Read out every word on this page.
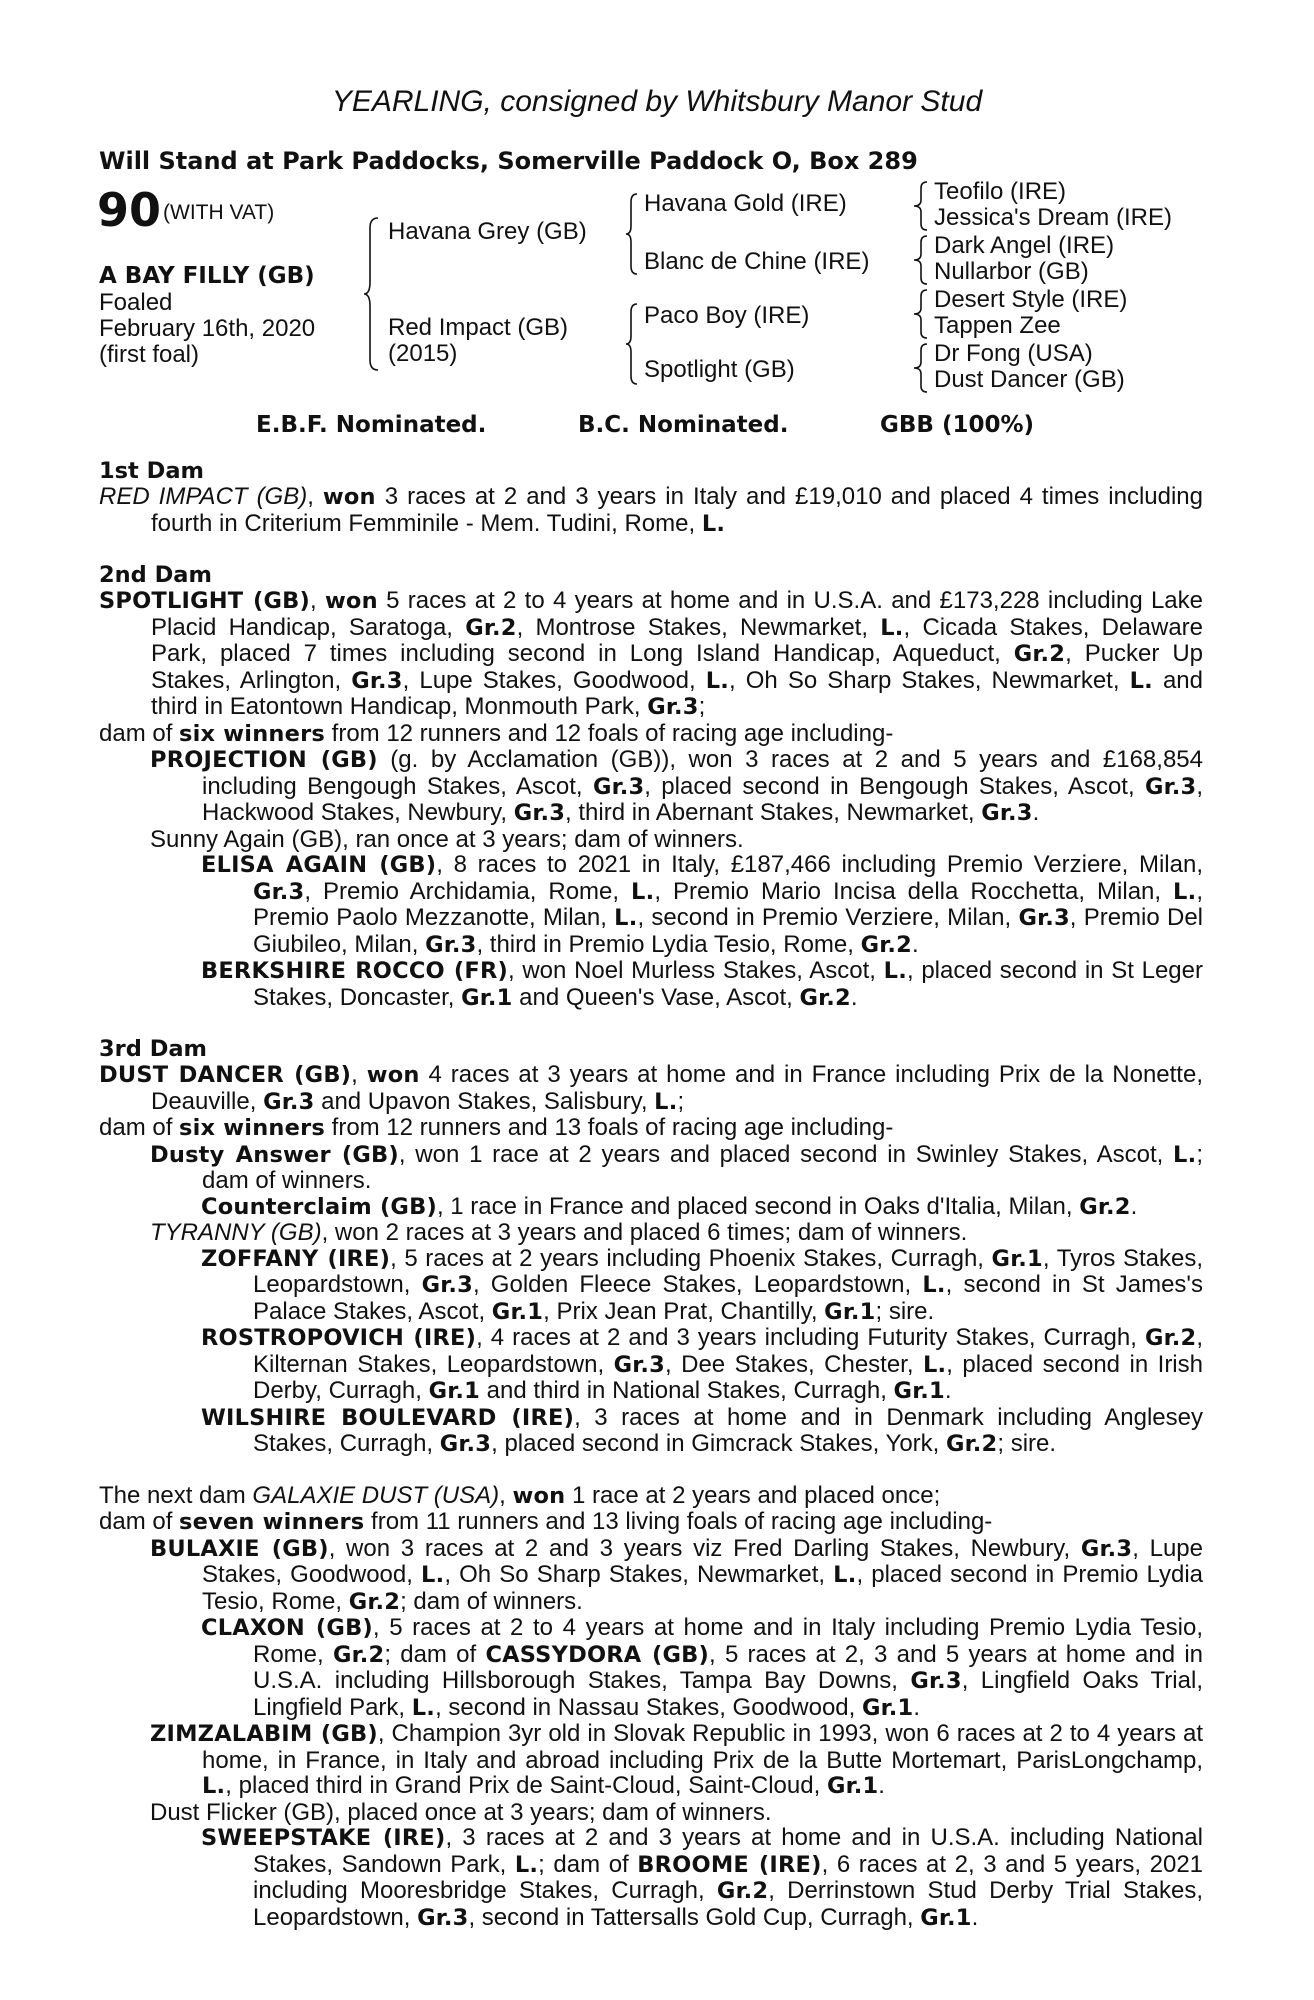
YEARLING, consigned by Whitsbury Manor Stud
Will Stand at Park Paddocks, Somerville Paddock O, Box 289
90 (WITH VAT)
A BAY FILLY (GB)
Foaled
February 16th, 2020
(first foal)
Havana Grey (GB)
Red Impact (GB)
(2015)
Havana Gold (IRE)
Blanc de Chine (IRE)
Paco Boy (IRE)
Spotlight (GB)
Teofilo (IRE)
Jessica's Dream (IRE)
Dark Angel (IRE)
Nullarbor (GB)
Desert Style (IRE)
Tappen Zee
Dr Fong (USA)
Dust Dancer (GB)
E.B.F. Nominated.	B.C. Nominated.	GBB (100%)
1st Dam
RED IMPACT (GB), won 3 races at 2 and 3 years in Italy and £19,010 and placed 4 times including fourth in Criterium Femminile - Mem. Tudini, Rome, L.
2nd Dam
SPOTLIGHT (GB), won 5 races at 2 to 4 years at home and in U.S.A. and £173,228 including Lake Placid Handicap, Saratoga, Gr.2, Montrose Stakes, Newmarket, L., Cicada Stakes, Delaware Park, placed 7 times including second in Long Island Handicap, Aqueduct, Gr.2, Pucker Up Stakes, Arlington, Gr.3, Lupe Stakes, Goodwood, L., Oh So Sharp Stakes, Newmarket, L. and third in Eatontown Handicap, Monmouth Park, Gr.3;
dam of six winners from 12 runners and 12 foals of racing age including-
PROJECTION (GB) (g. by Acclamation (GB)), won 3 races at 2 and 5 years and £168,854 including Bengough Stakes, Ascot, Gr.3, placed second in Bengough Stakes, Ascot, Gr.3, Hackwood Stakes, Newbury, Gr.3, third in Abernant Stakes, Newmarket, Gr.3.
Sunny Again (GB), ran once at 3 years; dam of winners.
ELISA AGAIN (GB), 8 races to 2021 in Italy, £187,466 including Premio Verziere, Milan, Gr.3, Premio Archidamia, Rome, L., Premio Mario Incisa della Rocchetta, Milan, L., Premio Paolo Mezzanotte, Milan, L., second in Premio Verziere, Milan, Gr.3, Premio Del Giubileo, Milan, Gr.3, third in Premio Lydia Tesio, Rome, Gr.2.
BERKSHIRE ROCCO (FR), won Noel Murless Stakes, Ascot, L., placed second in St Leger Stakes, Doncaster, Gr.1 and Queen's Vase, Ascot, Gr.2.
3rd Dam
DUST DANCER (GB), won 4 races at 3 years at home and in France including Prix de la Nonette, Deauville, Gr.3 and Upavon Stakes, Salisbury, L.;
dam of six winners from 12 runners and 13 foals of racing age including-
Dusty Answer (GB), won 1 race at 2 years and placed second in Swinley Stakes, Ascot, L.; dam of winners.
Counterclaim (GB), 1 race in France and placed second in Oaks d'Italia, Milan, Gr.2.
TYRANNY (GB), won 2 races at 3 years and placed 6 times; dam of winners.
ZOFFANY (IRE), 5 races at 2 years including Phoenix Stakes, Curragh, Gr.1, Tyros Stakes, Leopardstown, Gr.3, Golden Fleece Stakes, Leopardstown, L., second in St James's Palace Stakes, Ascot, Gr.1, Prix Jean Prat, Chantilly, Gr.1; sire.
ROSTROPOVICH (IRE), 4 races at 2 and 3 years including Futurity Stakes, Curragh, Gr.2, Kilternan Stakes, Leopardstown, Gr.3, Dee Stakes, Chester, L., placed second in Irish Derby, Curragh, Gr.1 and third in National Stakes, Curragh, Gr.1.
WILSHIRE BOULEVARD (IRE), 3 races at home and in Denmark including Anglesey Stakes, Curragh, Gr.3, placed second in Gimcrack Stakes, York, Gr.2; sire.
The next dam GALAXIE DUST (USA), won 1 race at 2 years and placed once;
dam of seven winners from 11 runners and 13 living foals of racing age including-
BULAXIE (GB), won 3 races at 2 and 3 years viz Fred Darling Stakes, Newbury, Gr.3, Lupe Stakes, Goodwood, L., Oh So Sharp Stakes, Newmarket, L., placed second in Premio Lydia Tesio, Rome, Gr.2; dam of winners.
CLAXON (GB), 5 races at 2 to 4 years at home and in Italy including Premio Lydia Tesio, Rome, Gr.2; dam of CASSYDORA (GB), 5 races at 2, 3 and 5 years at home and in U.S.A. including Hillsborough Stakes, Tampa Bay Downs, Gr.3, Lingfield Oaks Trial, Lingfield Park, L., second in Nassau Stakes, Goodwood, Gr.1.
ZIMZALABIM (GB), Champion 3yr old in Slovak Republic in 1993, won 6 races at 2 to 4 years at home, in France, in Italy and abroad including Prix de la Butte Mortemart, ParisLongchamp, L., placed third in Grand Prix de Saint-Cloud, Saint-Cloud, Gr.1.
Dust Flicker (GB), placed once at 3 years; dam of winners.
SWEEPSTAKE (IRE), 3 races at 2 and 3 years at home and in U.S.A. including National Stakes, Sandown Park, L.; dam of BROOME (IRE), 6 races at 2, 3 and 5 years, 2021 including Mooresbridge Stakes, Curragh, Gr.2, Derrinstown Stud Derby Trial Stakes, Leopardstown, Gr.3, second in Tattersalls Gold Cup, Curragh, Gr.1.
